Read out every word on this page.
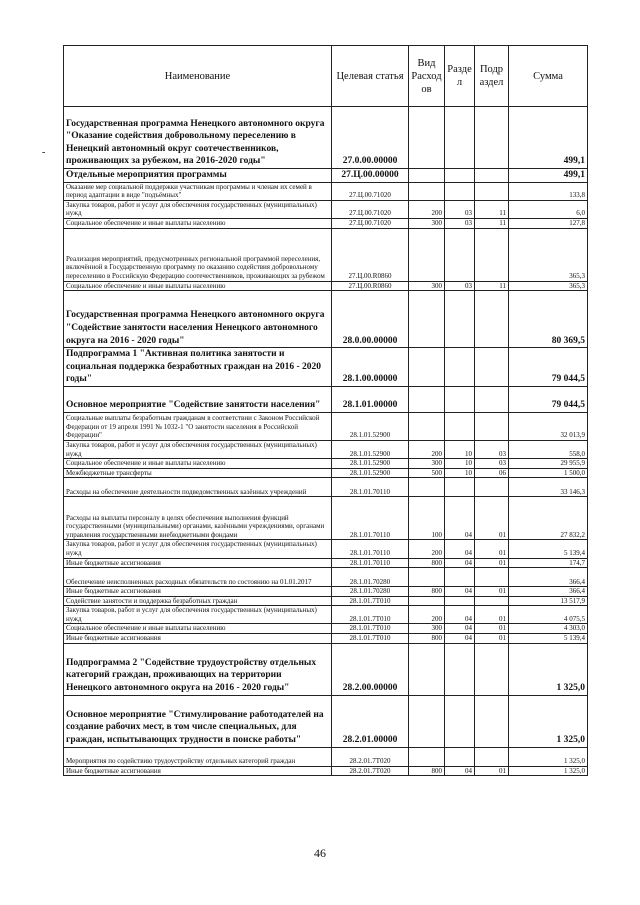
-
Наименование	Целевая статья	Вид Расход ов	Разде л	Подр аздел	Сумма
Государственная программа Ненецкого автономного округа "Оказание содействия добровольному переселению в Ненецкий автономный округ соотечественников, проживающих за рубежом, на 2016-2020 годы"	27.0.00.00000				499,1
Отдельные мероприятия программы	27.Ц.00.00000				499,1
Оказание мер социальной поддержки участникам программы и членам их семей в период адаптации в виде "подъёмных"	27.Ц.00.71020				133,8
Закупка товаров, работ и услуг для обеспечения государственных (муниципальных) нужд	27.Ц.00.71020	200	03	11	6,0
Социальное обеспечение и иные выплаты населению	27.Ц.00.71020	300	03	11	127,8
Реализация мероприятий, предусмотренных региональной программой переселения, включённой в Государственную программу по оказанию содействия добровольному переселению в Российскую Федерацию соотечественников, проживающих за рубежом	27.Ц.00.R0860				365,3
Социальное обеспечение и иные выплаты населению	27.Ц.00.R0860	300	03	11	365,3
Государственная программа Ненецкого автономного округа "Содействие занятости населения Ненецкого автономного округа на 2016 - 2020 годы"	28.0.00.00000				80 369,5
Подпрограмма 1 "Активная политика занятости и социальная поддержка безработных граждан на 2016 - 2020 годы"	28.1.00.00000				79 044,5
Основное мероприятие "Содействие занятости населения"	28.1.01.00000				79 044,5
Социальные выплаты безработным гражданам в соответствии с Законом Российской Федерации от 19 апреля 1991 № 1032-1 "О занятости населения в Российской Федерации"	28.1.01.52900				32 013,9
Закупка товаров, работ и услуг для обеспечения государственных (муниципальных) нужд	28.1.01.52900	200	10	03	558,0
Социальное обеспечение и иные выплаты населению	28.1.01.52900	300	10	03	29 955,9
Межбюджетные трансферты	28.1.01.52900	500	10	06	1 500,0
Расходы на обеспечение деятельности подведомственных казённых учреждений	28.1.01.70110				33 146,3
Расходы на выплаты персоналу в целях обеспечения выполнения функций государственными (муниципальными) органами, казёнными учреждениями, органами управления государственными внебюджетными фондами	28.1.01.70110	100	04	01	27 832,2
Закупка товаров, работ и услуг для обеспечения государственных (муниципальных) нужд	28.1.01.70110	200	04	01	5 139,4
Иные бюджетные ассигнования	28.1.01.70110	800	04	01	174,7
Обеспечение неисполненных расходных обязательств по состоянию на 01.01.2017	28.1.01.70280				366,4
Иные бюджетные ассигнования	28.1.01.70280	800	04	01	366,4
Содействие занятости и поддержка безработных граждан	28.1.01.7Т010				13 517,9
Закупка товаров, работ и услуг для обеспечения государственных (муниципальных) нужд	28.1.01.7Т010	200	04	01	4 075,5
Социальное обеспечение и иные выплаты населению	28.1.01.7Т010	300	04	01	4 303,0
Иные бюджетные ассигнования	28.1.01.7Т010	800	04	01	5 139,4
Подпрограмма 2 "Содействие трудоустройству отдельных категорий граждан, проживающих на территории Ненецкого автономного округа на 2016 - 2020 годы"	28.2.00.00000				1 325,0
Основное мероприятие "Стимулирование работодателей на создание рабочих мест, в том числе специальных, для граждан, испытывающих трудности в поиске работы"	28.2.01.00000				1 325,0
Мероприятия по содействию трудоустройству отдельных категорий граждан	28.2.01.7Т020				1 325,0
Иные бюджетные ассигнования	28.2.01.7Т020	800	04	01	1 325,0
46
